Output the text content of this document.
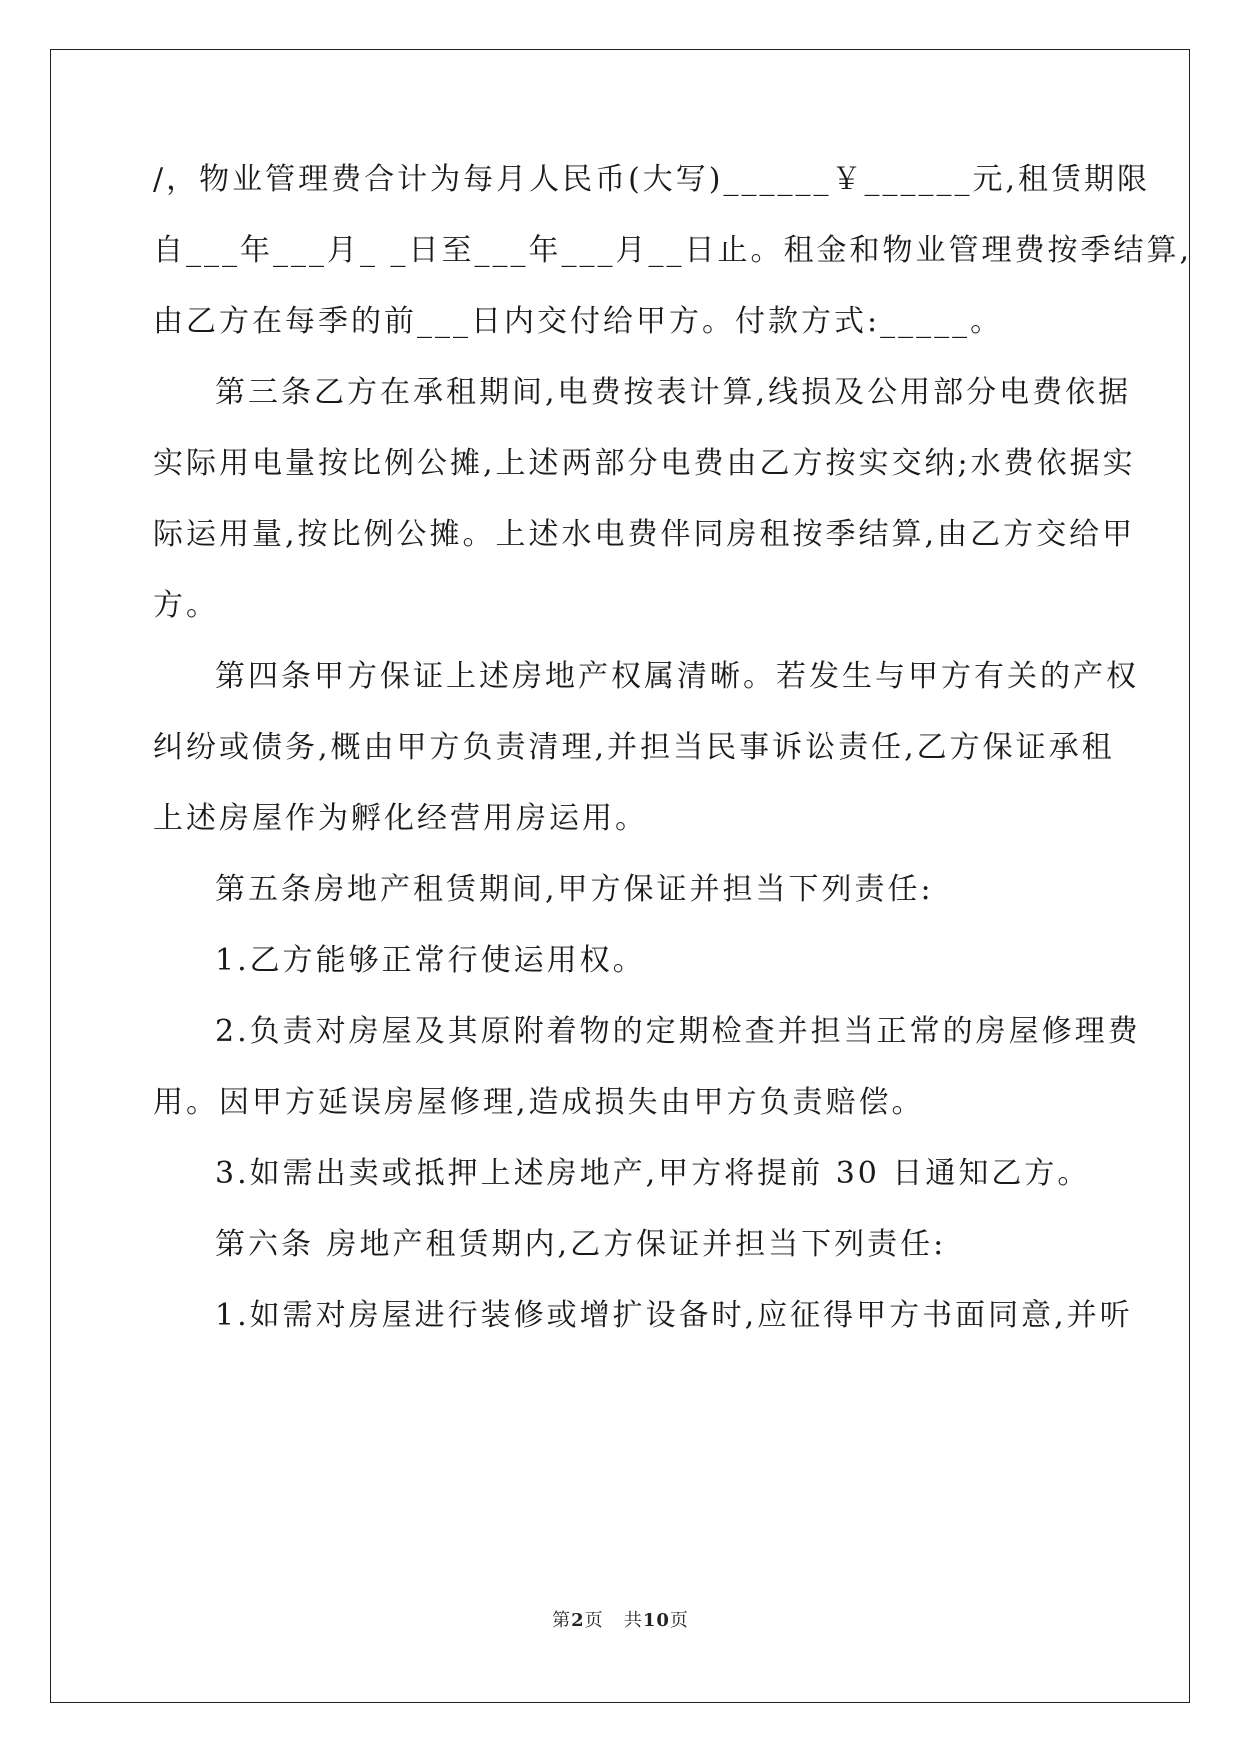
/，物业管理费合计为每月人民币(大写)______￥______元,租赁期限
自___年___月_ _日至___年___月__日止。租金和物业管理费按季结算,
由乙方在每季的前___日内交付给甲方。付款方式:_____。
第三条乙方在承租期间,电费按表计算,线损及公用部分电费依据
实际用电量按比例公摊,上述两部分电费由乙方按实交纳;水费依据实
际运用量,按比例公摊。上述水电费伴同房租按季结算,由乙方交给甲
方。
第四条甲方保证上述房地产权属清晰。若发生与甲方有关的产权
纠纷或债务,概由甲方负责清理,并担当民事诉讼责任,乙方保证承租
上述房屋作为孵化经营用房运用。
第五条房地产租赁期间,甲方保证并担当下列责任:
1.乙方能够正常行使运用权。
2.负责对房屋及其原附着物的定期检查并担当正常的房屋修理费
用。因甲方延误房屋修理,造成损失由甲方负责赔偿。
3.如需出卖或抵押上述房地产,甲方将提前 30 日通知乙方。
第六条 房地产租赁期内,乙方保证并担当下列责任:
1.如需对房屋进行装修或增扩设备时,应征得甲方书面同意,并听
第2页 共10页
